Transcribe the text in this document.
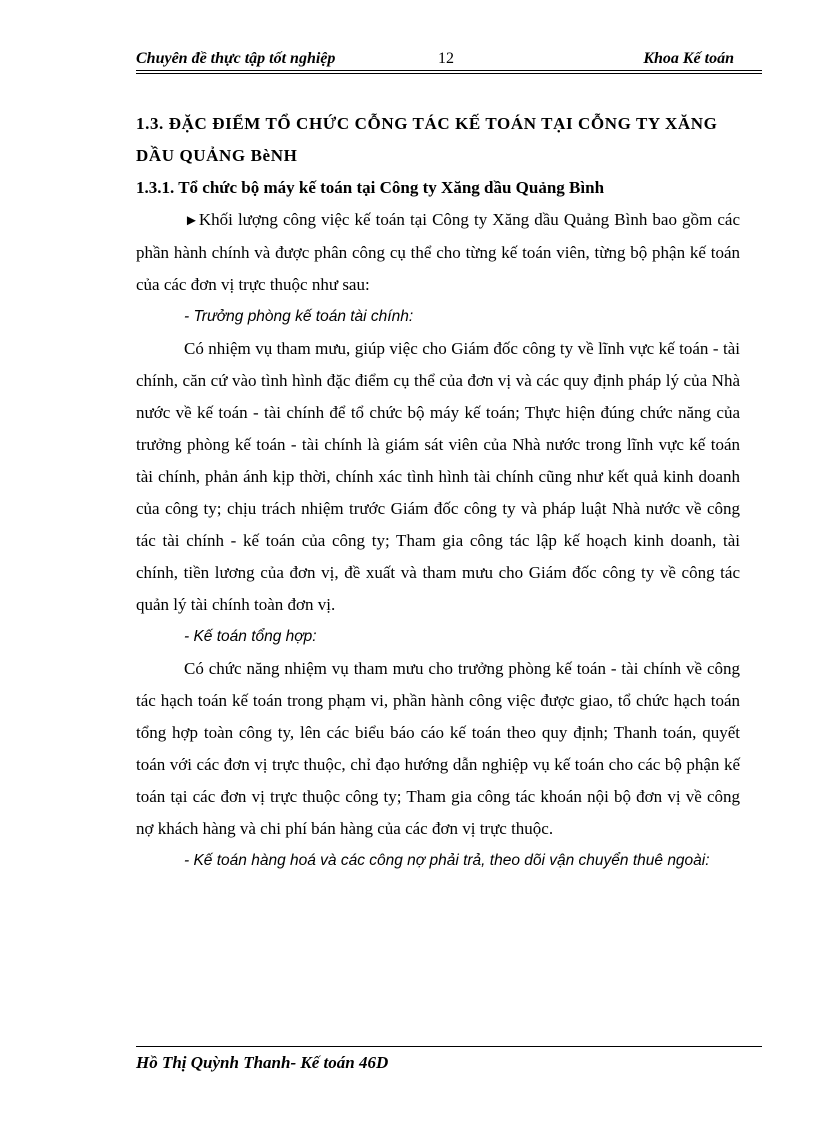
Chuyên đề thực tập tốt nghiệp	12	Khoa Kế toán

1.3. ĐẶC ĐIỂM TỔ CHỨC CỖNG TÁC KẾ TOÁN TẠI CỖNG TY XĂNG DẦU QUẢNG BèNH

1.3.1. Tổ chức bộ máy kế toán tại Công ty Xăng dầu Quảng Bình

►Khối lượng công việc kế toán tại Công ty Xăng dầu Quảng Bình bao gồm các phần hành chính và được phân công cụ thể cho từng kế toán viên, từng bộ phận kế toán của các đơn vị trực thuộc như sau:

- Trưởng phòng kế toán tài chính:

Có nhiệm vụ tham mưu, giúp việc cho Giám đốc công ty về lĩnh vực kế toán - tài chính, căn cứ vào tình hình đặc điểm cụ thể của đơn vị và các quy định pháp lý của Nhà nước về kế toán - tài chính để tổ chức bộ máy kế toán; Thực hiện đúng chức năng của trưởng phòng kế toán - tài chính là giám sát viên của Nhà nước trong lĩnh vực kế toán tài chính, phản ánh kịp thời, chính xác tình hình tài chính cũng như kết quả kinh doanh của công ty; chịu trách nhiệm trước Giám đốc công ty và pháp luật Nhà nước về công tác tài chính - kế toán của công ty; Tham gia công tác lập kế hoạch kinh doanh, tài chính, tiền lương của đơn vị, đề xuất và tham mưu cho Giám đốc công ty về công tác quản lý tài chính toàn đơn vị.

- Kế toán tổng hợp:

Có chức năng nhiệm vụ tham mưu cho trưởng phòng kế toán - tài chính về công tác hạch toán kế toán trong phạm vi, phần hành công việc được giao, tổ chức hạch toán tổng hợp toàn công ty, lên các biểu báo cáo kế toán theo quy định; Thanh toán, quyết toán với các đơn vị trực thuộc, chỉ đạo hướng dẫn nghiệp vụ kế toán cho các bộ phận kế toán tại các đơn vị trực thuộc công ty; Tham gia công tác khoán nội bộ đơn vị về công nợ khách hàng và chi phí bán hàng của các đơn vị trực thuộc.

- Kế toán hàng hoá và các công nợ phải trả, theo dõi vận chuyển thuê ngoài:

Hồ Thị Quỳnh Thanh- Kế toán 46D
